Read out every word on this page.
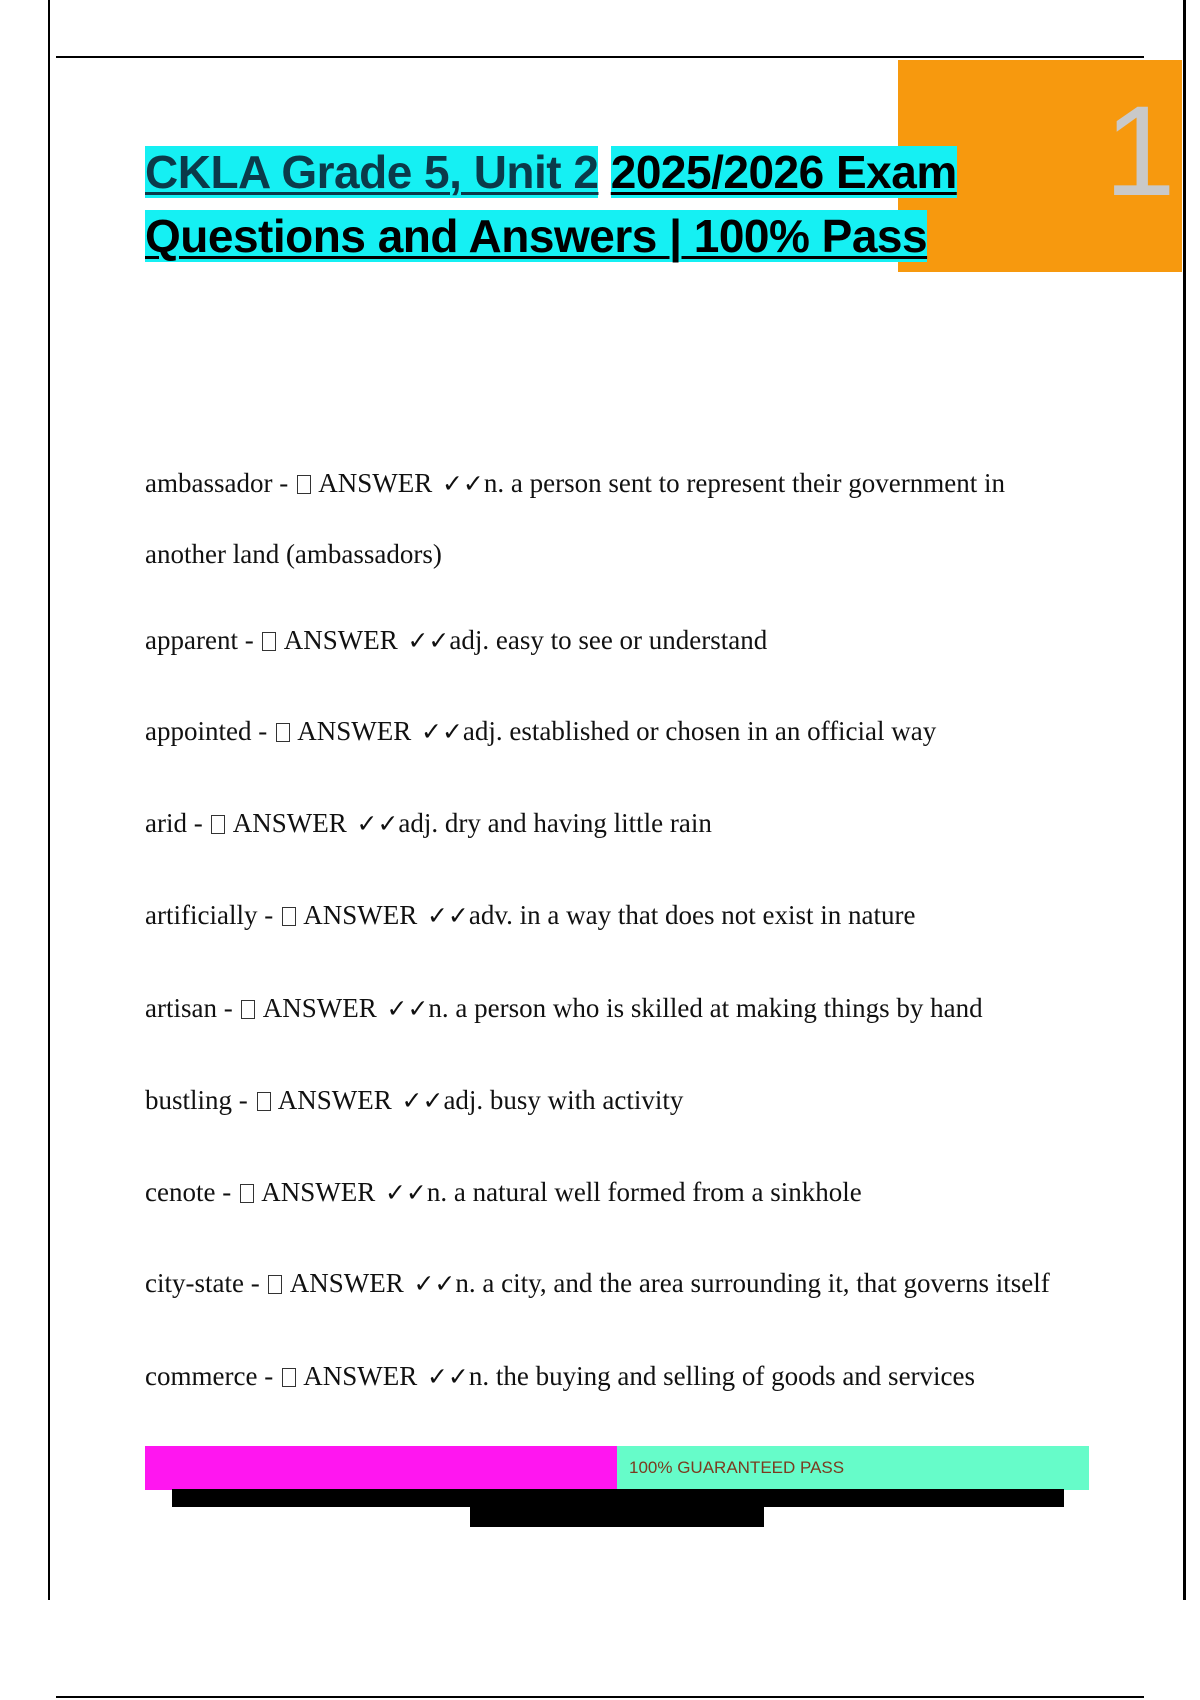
1
CKLA Grade 5, Unit 2 2025/2026 Exam Questions and Answers | 100% Pass
ambassador -  ANSWER ✓✓n. a person sent to represent their government in another land (ambassadors)
apparent -  ANSWER ✓✓adj. easy to see or understand
appointed -  ANSWER ✓✓adj. established or chosen in an official way
arid -  ANSWER ✓✓adj. dry and having little rain
artificially -  ANSWER ✓✓adv. in a way that does not exist in nature
artisan -  ANSWER ✓✓n. a person who is skilled at making things by hand
bustling -  ANSWER ✓✓adj. busy with activity
cenote -  ANSWER ✓✓n. a natural well formed from a sinkhole
city-state -  ANSWER ✓✓n. a city, and the area surrounding it, that governs itself
commerce -  ANSWER ✓✓n. the buying and selling of goods and services
100% GUARANTEED PASS
